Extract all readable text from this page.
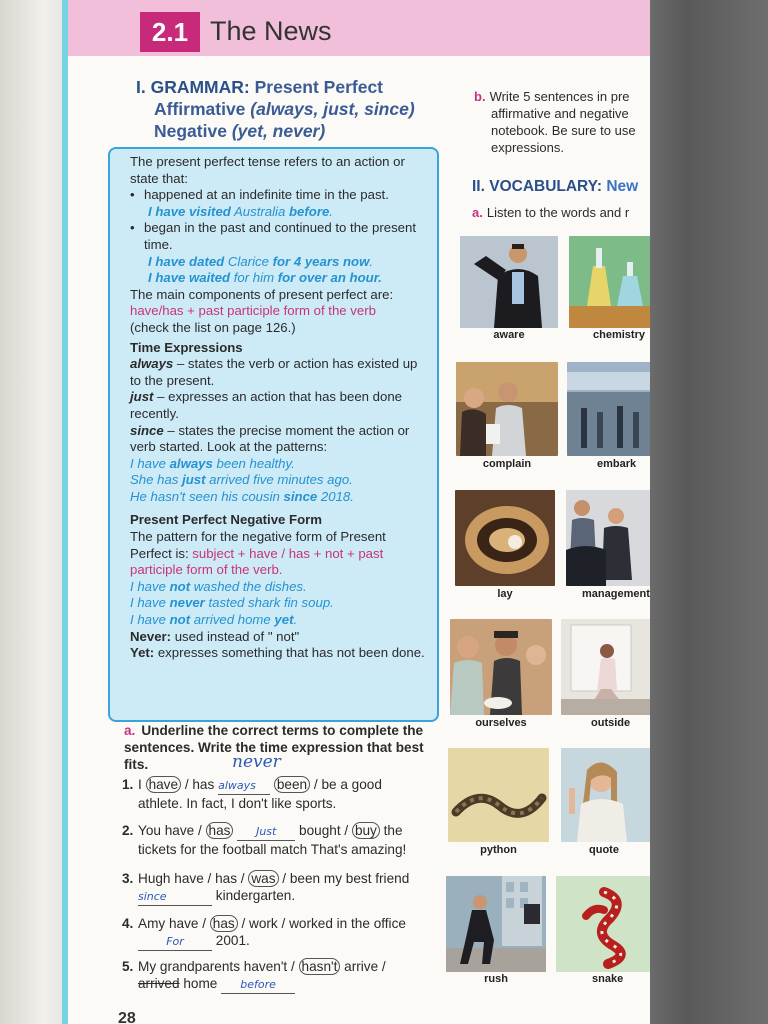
2.1 The News
I. GRAMMAR: Present Perfect
Affirmative (always, just, since)
Negative (yet, never)
The present perfect tense refers to an action or state that:
• happened at an indefinite time in the past.
I have visited Australia before.
• began in the past and continued to the present time.
I have dated Clarice for 4 years now.
I have waited for him for over an hour.
The main components of present perfect are:
have/has + past participle form of the verb
(check the list on page 126.)
Time Expressions
always – states the verb or action has existed up to the present.
just – expresses an action that has been done recently.
since – states the precise moment the action or verb started. Look at the patterns:
I have always been healthy.
She has just arrived five minutes ago.
He hasn't seen his cousin since 2018.
Present Perfect Negative Form
The pattern for the negative form of Present Perfect is: subject + have / has + not + past participle form of the verb.
I have not washed the dishes.
I have never tasted shark fin soup.
I have not arrived home yet.
Never: used instead of " not"
Yet: expresses something that has not been done.
a. Underline the correct terms to complete the sentences. Write the time expression that best fits.	never
1. I have / has always been / be a good
athlete. In fact, I don't like sports.
2. You have / has Just bought / buy the
tickets for the football match That's amazing!
3. Hugh have / has / was / been my best friend
since	kindergarten.
4. Amy have / has / work / worked in the office
For 2001.
5. My grandparents haven't / hasn't arrive /
arrived home before
28
b. Write 5 sentences in pre
affirmative and negative
notebook. Be sure to use
expressions.
II. VOCABULARY: New
a. Listen to the words and r
aware	chemistry
complain	embark
lay	management
ourselves	outside
python	quote
rush	snake
